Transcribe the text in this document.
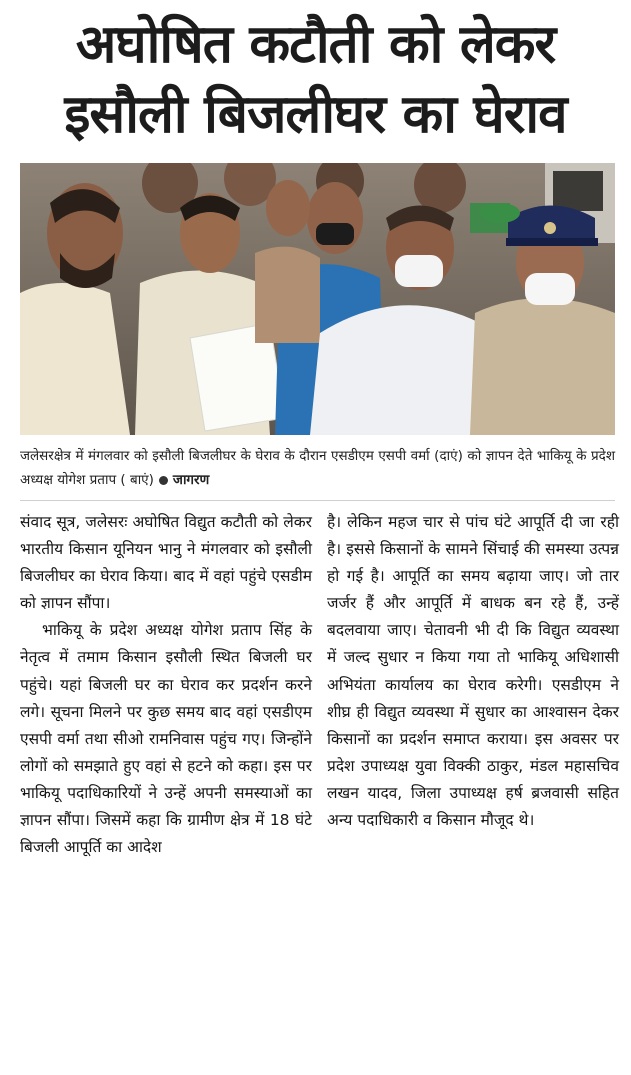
अघोषित कटौती को लेकर
इसौली बिजलीघर का घेराव
जलेसरक्षेत्र में मंगलवार को इसौली बिजलीघर के घेराव के दौरान एसडीएम एसपी वर्मा (दाएं) को ज्ञापन देते भाकियू के प्रदेश अध्यक्ष योगेश प्रताप ( बाएं) जागरण

संवाद सूत्र, जलेसरः अघोषित विद्युत कटौती को लेकर भारतीय किसान यूनियन भानु ने मंगलवार को इसौली बिजलीघर का घेराव किया। बाद में वहां पहुंचे एसडीम को ज्ञापन सौंपा।

भाकियू के प्रदेश अध्यक्ष योगेश प्रताप सिंह के नेतृत्व में तमाम किसान इसौली स्थित बिजली घर पहुंचे। यहां बिजली घर का घेराव कर प्रदर्शन करने लगे। सूचना मिलने पर कुछ समय बाद वहां एसडीएम एसपी वर्मा तथा सीओ रामनिवास पहुंच गए। जिन्होंने लोगों को समझाते हुए वहां से हटने को कहा। इस पर भाकियू पदाधिकारियों ने उन्हें अपनी समस्याओं का ज्ञापन सौंपा। जिसमें कहा कि ग्रामीण क्षेत्र में 18 घंटे बिजली आपूर्ति का आदेश

है। लेकिन महज चार से पांच घंटे आपूर्ति दी जा रही है। इससे किसानों के सामने सिंचाई की समस्या उत्पन्न हो गई है। आपूर्ति का समय बढ़ाया जाए। जो तार जर्जर हैं और आपूर्ति में बाधक बन रहे हैं, उन्हें बदलवाया जाए। चेतावनी भी दी कि विद्युत व्यवस्था में जल्द सुधार न किया गया तो भाकियू अधिशासी अभियंता कार्यालय का घेराव करेगी। एसडीएम ने शीघ्र ही विद्युत व्यवस्था में सुधार का आश्वासन देकर किसानों का प्रदर्शन समाप्त कराया। इस अवसर पर प्रदेश उपाध्यक्ष युवा विक्की ठाकुर, मंडल महासचिव लखन यादव, जिला उपाध्यक्ष हर्ष ब्रजवासी सहित अन्य पदाधिकारी व किसान मौजूद थे।
